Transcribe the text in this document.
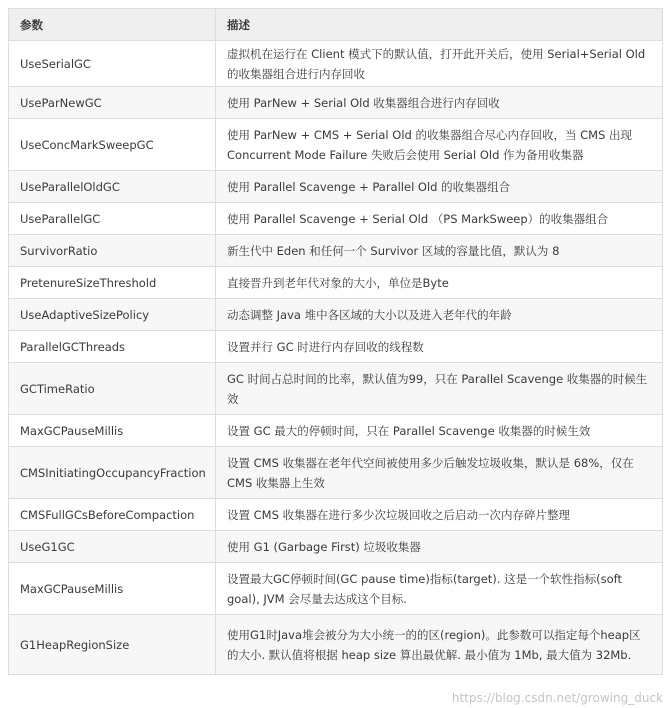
参数	描述
UseSerialGC	虚拟机在运行在 Client 模式下的默认值，打开此开关后，使用 Serial+Serial Old 的收集器组合进行内存回收
UseParNewGC	使用 ParNew + Serial Old 收集器组合进行内存回收
UseConcMarkSweepGC	使用 ParNew + CMS + Serial Old 的收集器组合尽心内存回收，当 CMS 出现 Concurrent Mode Failure 失败后会使用 Serial Old 作为备用收集器
UseParallelOldGC	使用 Parallel Scavenge + Parallel Old 的收集器组合
UseParallelGC	使用 Parallel Scavenge + Serial Old （PS MarkSweep）的收集器组合
SurvivorRatio	新生代中 Eden 和任何一个 Survivor 区域的容量比值，默认为 8
PretenureSizeThreshold	直接晋升到老年代对象的大小，单位是Byte
UseAdaptiveSizePolicy	动态调整 Java 堆中各区域的大小以及进入老年代的年龄
ParallelGCThreads	设置并行 GC 时进行内存回收的线程数
GCTimeRatio	GC 时间占总时间的比率，默认值为99，只在 Parallel Scavenge 收集器的时候生效
MaxGCPauseMillis	设置 GC 最大的停顿时间，只在 Parallel Scavenge 收集器的时候生效
CMSInitiatingOccupancyFraction	设置 CMS 收集器在老年代空间被使用多少后触发垃圾收集，默认是 68%，仅在 CMS 收集器上生效
CMSFullGCsBeforeCompaction	设置 CMS 收集器在进行多少次垃圾回收之后启动一次内存碎片整理
UseG1GC	使用 G1 (Garbage First) 垃圾收集器
MaxGCPauseMillis	设置最大GC停顿时间(GC pause time)指标(target). 这是一个软性指标(soft goal), JVM 会尽量去达成这个目标.
G1HeapRegionSize	使用G1时Java堆会被分为大小统一的的区(region)。此参数可以指定每个heap区的大小. 默认值将根据 heap size 算出最优解. 最小值为 1Mb, 最大值为 32Mb.
https://blog.csdn.net/growing_duck
